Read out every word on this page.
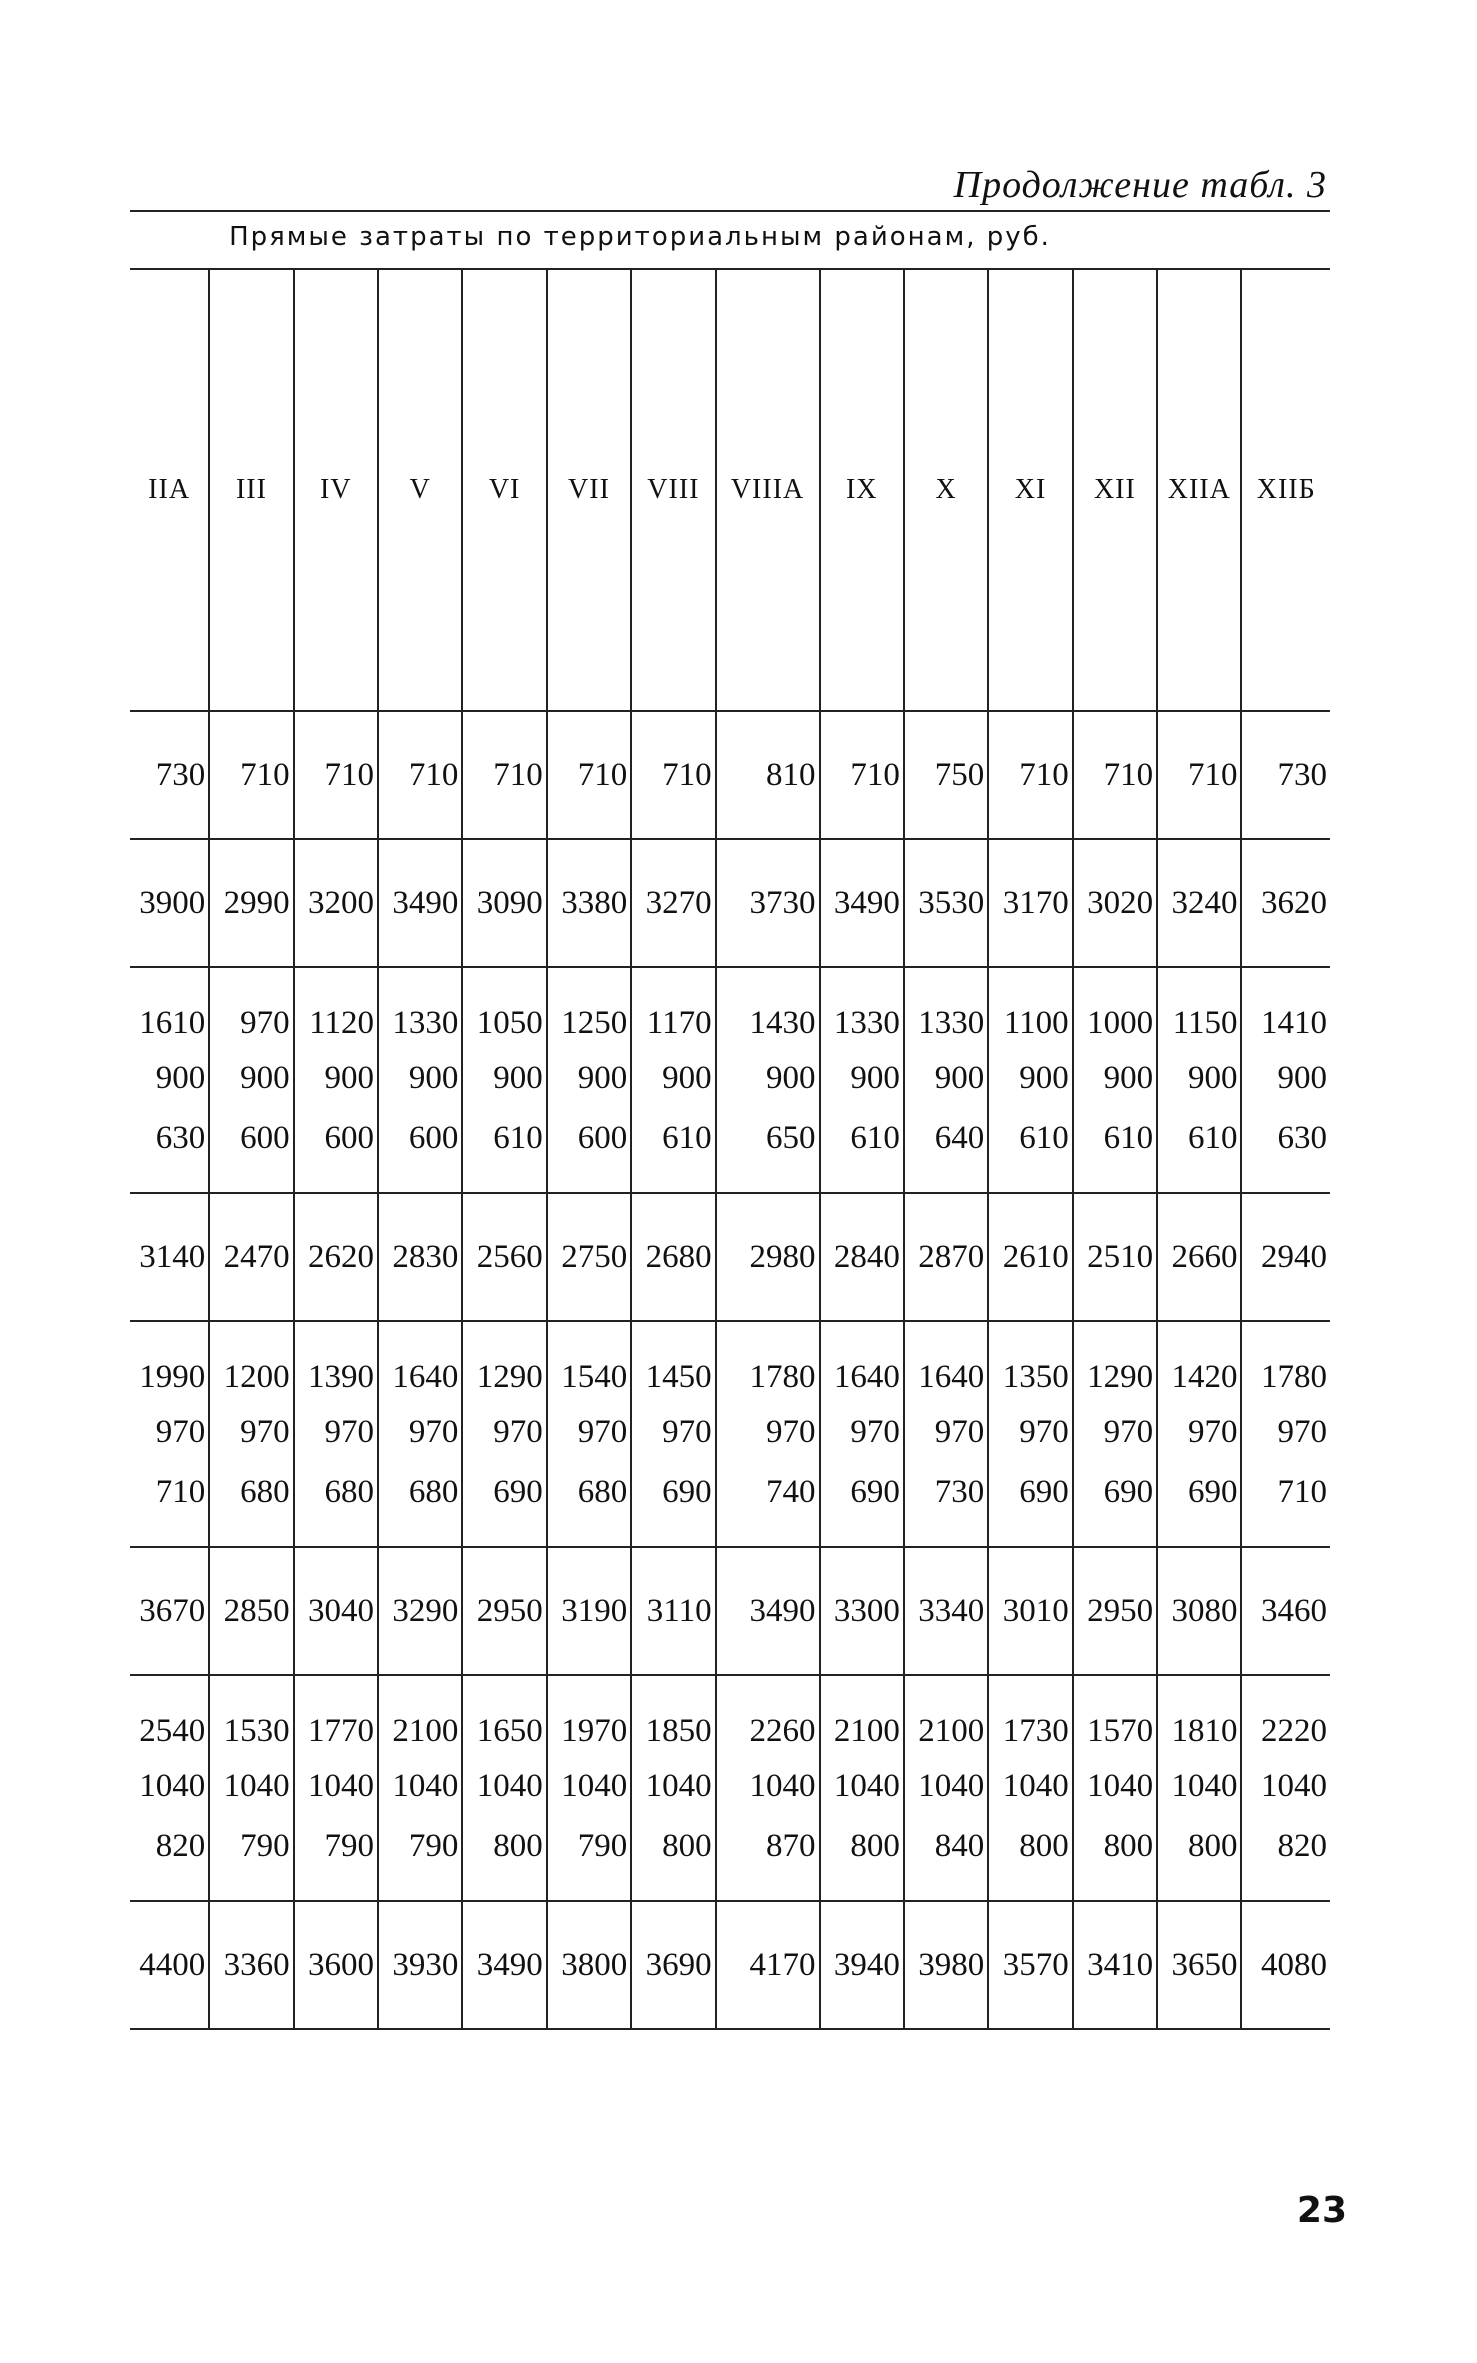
Продолжение табл. 3
Прямые затраты по территориальным районам, руб.
IIA	III	IV	V	VI	VII	VIII	VIIIA	IX	X	XI	XII	XIIA	XIIБ
730	710	710	710	710	710	710	810	710	750	710	710	710	730
3900	2990	3200	3490	3090	3380	3270	3730	3490	3530	3170	3020	3240	3620
1610	970	1120	1330	1050	1250	1170	1430	1330	1330	1100	1000	1150	1410
900	900	900	900	900	900	900	900	900	900	900	900	900	900
630	600	600	600	610	600	610	650	610	640	610	610	610	630
3140	2470	2620	2830	2560	2750	2680	2980	2840	2870	2610	2510	2660	2940
1990	1200	1390	1640	1290	1540	1450	1780	1640	1640	1350	1290	1420	1780
970	970	970	970	970	970	970	970	970	970	970	970	970	970
710	680	680	680	690	680	690	740	690	730	690	690	690	710
3670	2850	3040	3290	2950	3190	3110	3490	3300	3340	3010	2950	3080	3460
2540	1530	1770	2100	1650	1970	1850	2260	2100	2100	1730	1570	1810	2220
1040	1040	1040	1040	1040	1040	1040	1040	1040	1040	1040	1040	1040	1040
820	790	790	790	800	790	800	870	800	840	800	800	800	820
4400	3360	3600	3930	3490	3800	3690	4170	3940	3980	3570	3410	3650	4080
23
